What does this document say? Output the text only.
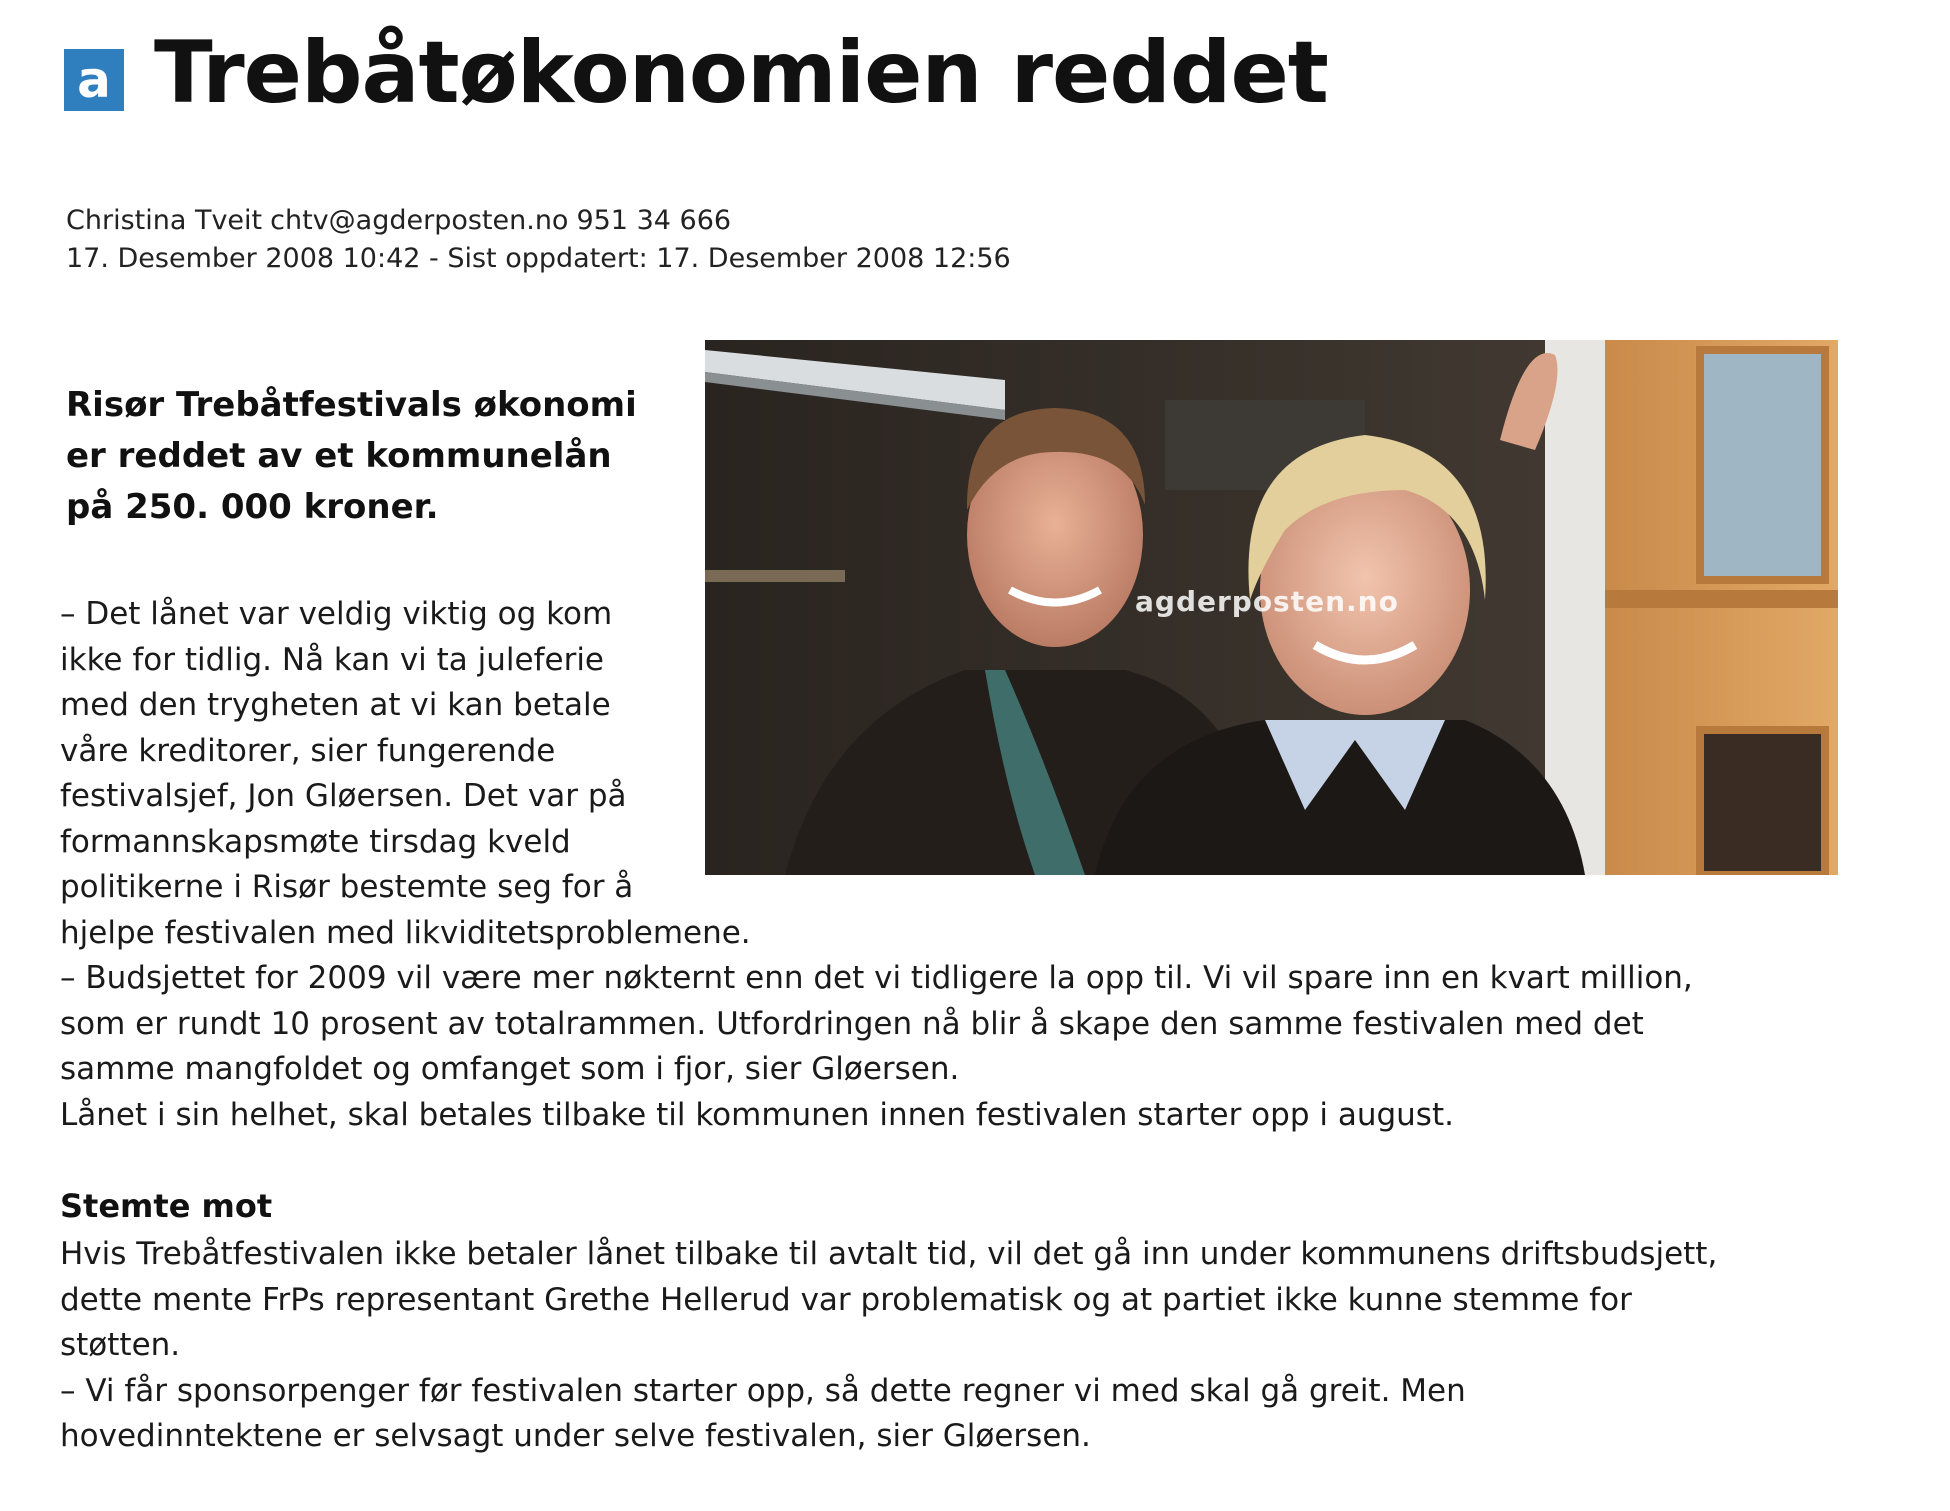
a Trebåtøkonomien reddet
Christina Tveit chtv@agderposten.no 951 34 666
17. Desember 2008 10:42 - Sist oppdatert: 17. Desember 2008 12:56
agderposten.no
Risør Trebåtfestivals økonomi
er reddet av et kommunelån
på 250. 000 kroner.

– Det lånet var veldig viktig og kom
ikke for tidlig. Nå kan vi ta juleferie
med den trygheten at vi kan betale
våre kreditorer, sier fungerende
festivalsjef, Jon Gløersen. Det var på
formannskapsmøte tirsdag kveld
politikerne i Risør bestemte seg for å
hjelpe festivalen med likviditetsproblemene.

– Budsjettet for 2009 vil være mer nøkternt enn det vi tidligere la opp til. Vi vil spare inn en kvart million,
som er rundt 10 prosent av totalrammen. Utfordringen nå blir å skape den samme festivalen med det
samme mangfoldet og omfanget som i fjor, sier Gløersen.
Lånet i sin helhet, skal betales tilbake til kommunen innen festivalen starter opp i august.

Stemte mot

Hvis Trebåtfestivalen ikke betaler lånet tilbake til avtalt tid, vil det gå inn under kommunens driftsbudsjett,
dette mente FrPs representant Grethe Hellerud var problematisk og at partiet ikke kunne stemme for
støtten.
– Vi får sponsorpenger før festivalen starter opp, så dette regner vi med skal gå greit. Men
hovedinntektene er selvsagt under selve festivalen, sier Gløersen.
